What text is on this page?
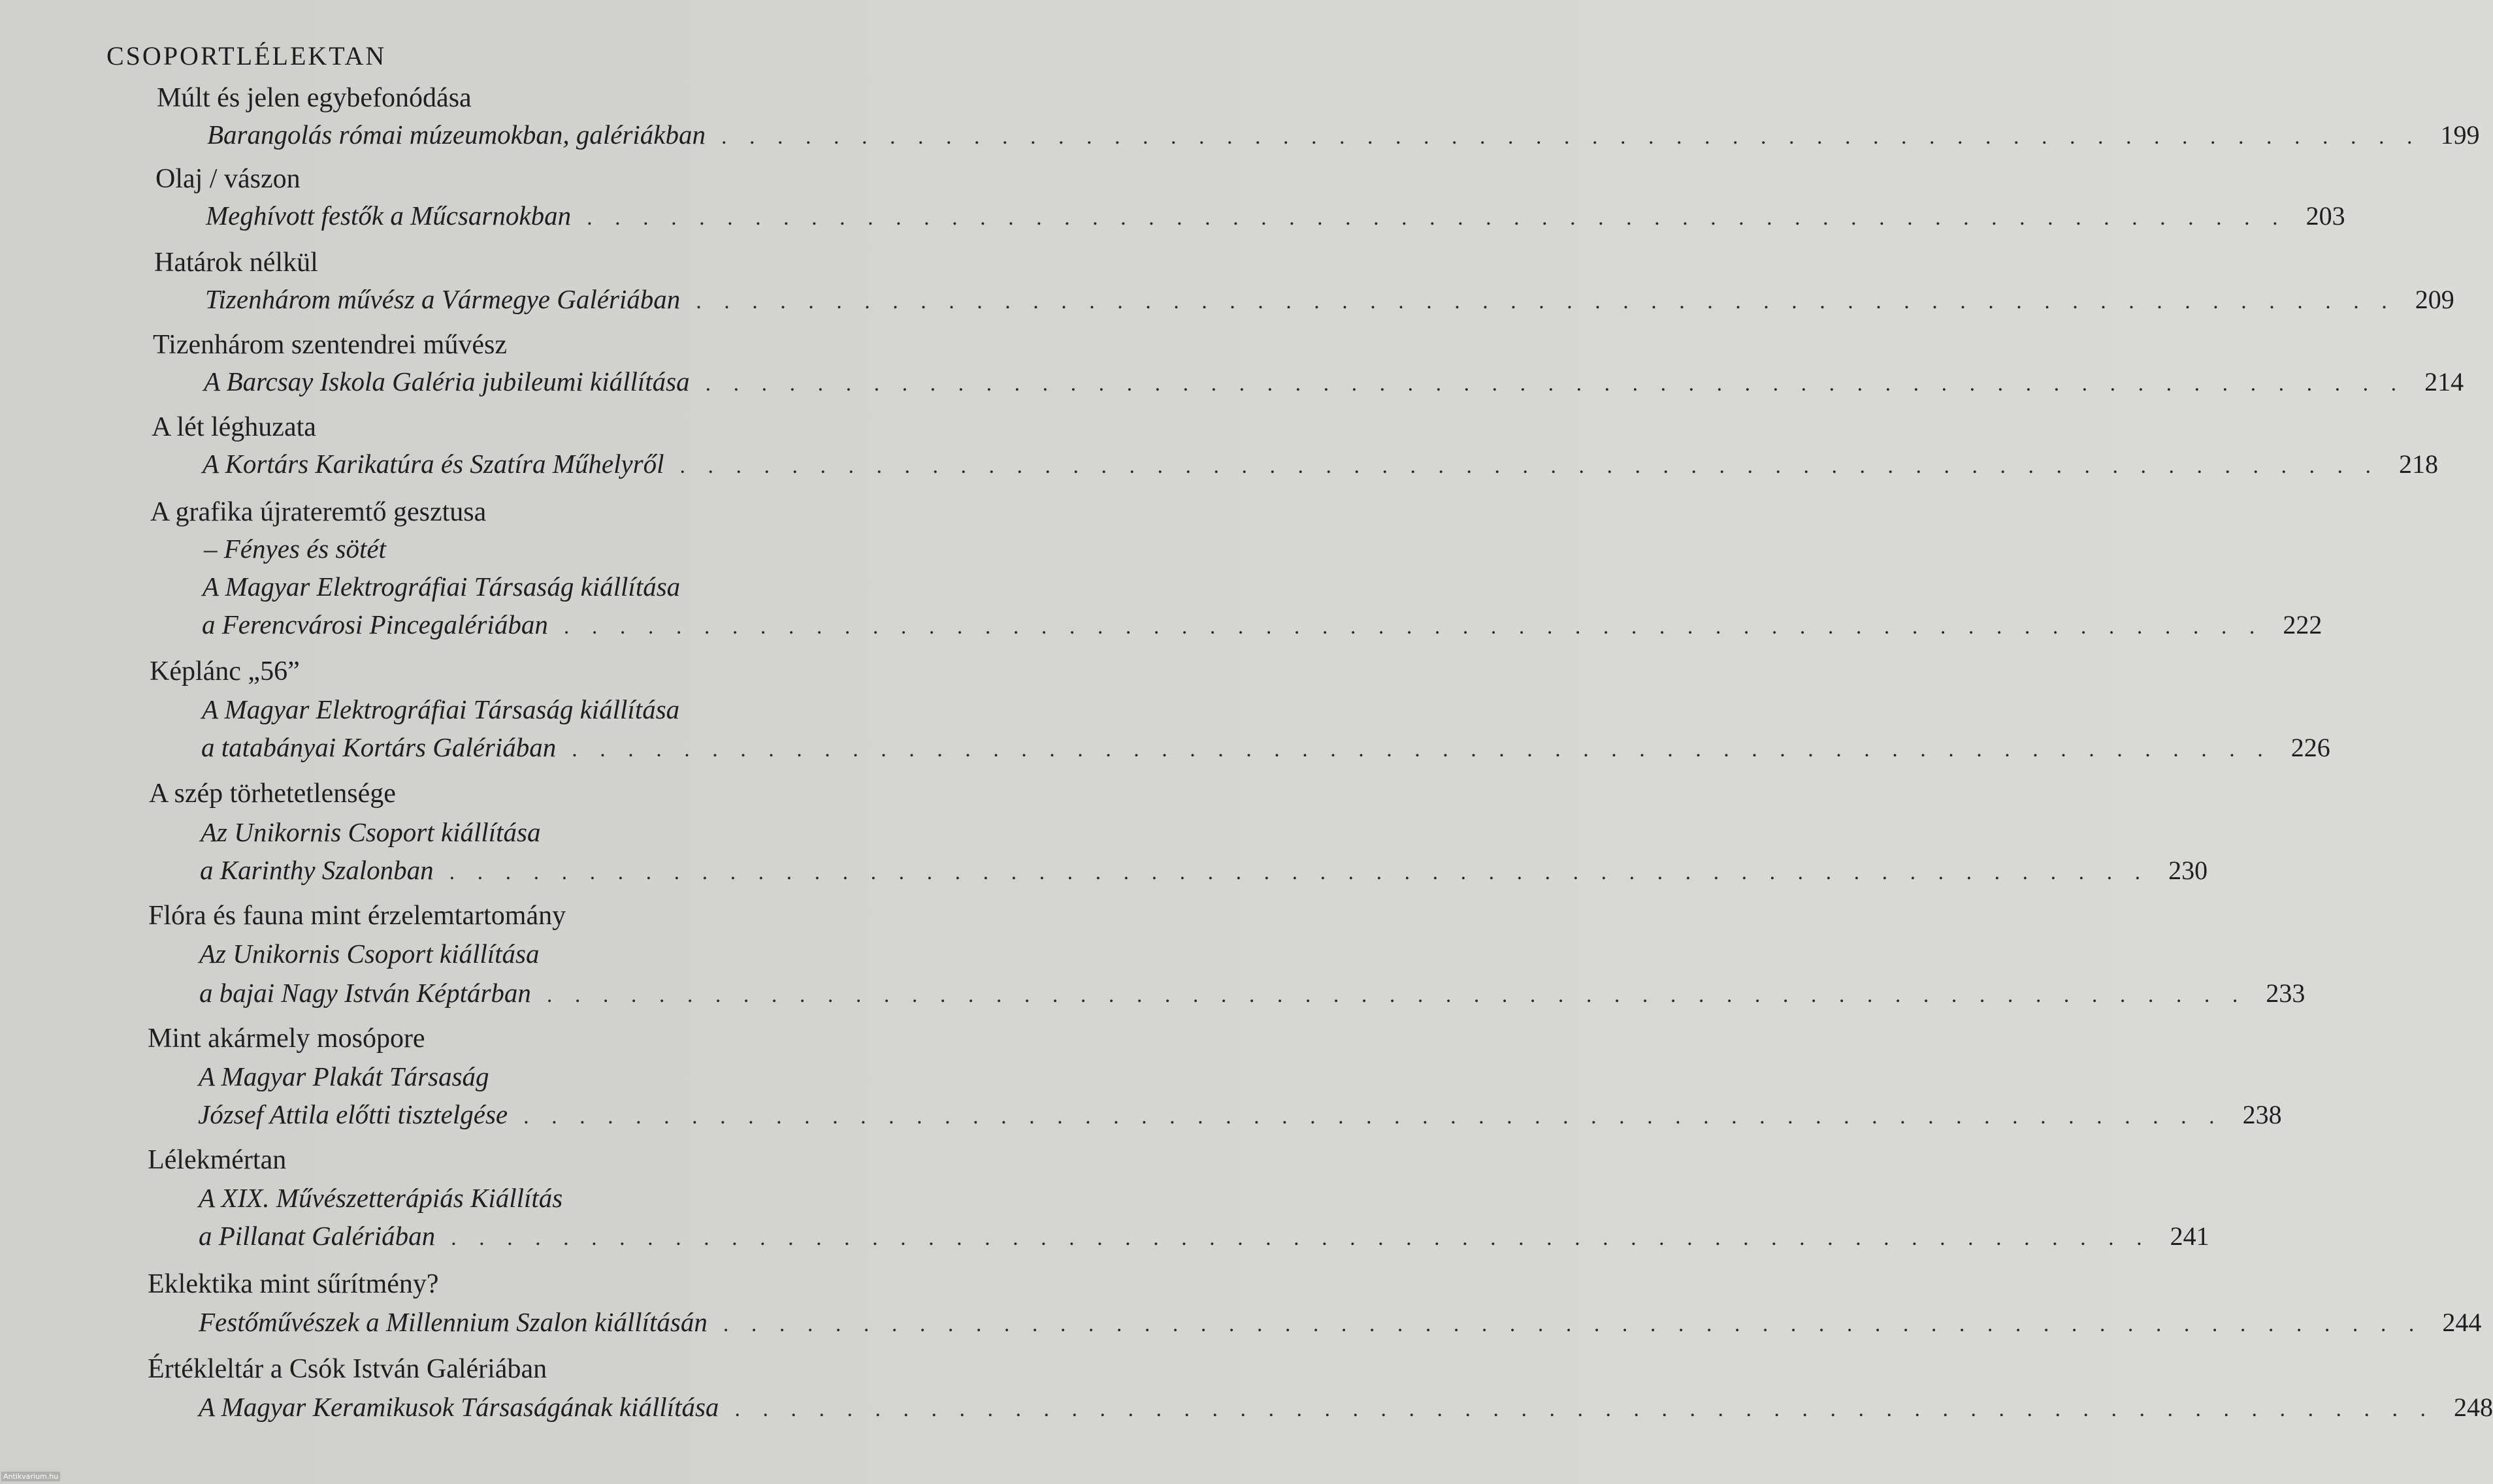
CSOPORTLÉLEKTAN
Múlt és jelen egybefonódása
Barangolás római múzeumokban, galériákban . . .	199
Olaj / vászon
Meghívott festők a Műcsarnokban . . .	203
Határok nélkül
Tizenhárom művész a Vármegye Galériában . . .	209
Tizenhárom szentendrei művész
A Barcsay Iskola Galéria jubileumi kiállítása . . .	214
A lét léghuzata
A Kortárs Karikatúra és Szatíra Műhelyről . . .	218
A grafika újrateremtő gesztusa
– Fényes és sötét
A Magyar Elektrográfiai Társaság kiállítása
a Ferencvárosi Pincegalériában . . .	222
Képlánc „56”
A Magyar Elektrográfiai Társaság kiállítása
a tatabányai Kortárs Galériában . . .	226
A szép törhetetlensége
Az Unikornis Csoport kiállítása
a Karinthy Szalonban . . .	230
Flóra és fauna mint érzelemtartomány
Az Unikornis Csoport kiállítása
a bajai Nagy István Képtárban . . .	233
Mint akármely mosópore
A Magyar Plakát Társaság
József Attila előtti tisztelgése . . .	238
Lélekmértan
A XIX. Művészetterápiás Kiállítás
a Pillanat Galériában . . .	241
Eklektika mint sűrítmény?
Festőművészek a Millennium Szalon kiállításán . . .	244
Értékleltár a Csók István Galériában
A Magyar Keramikusok Társaságának kiállítása . . .	248
Antikvarium.hu
